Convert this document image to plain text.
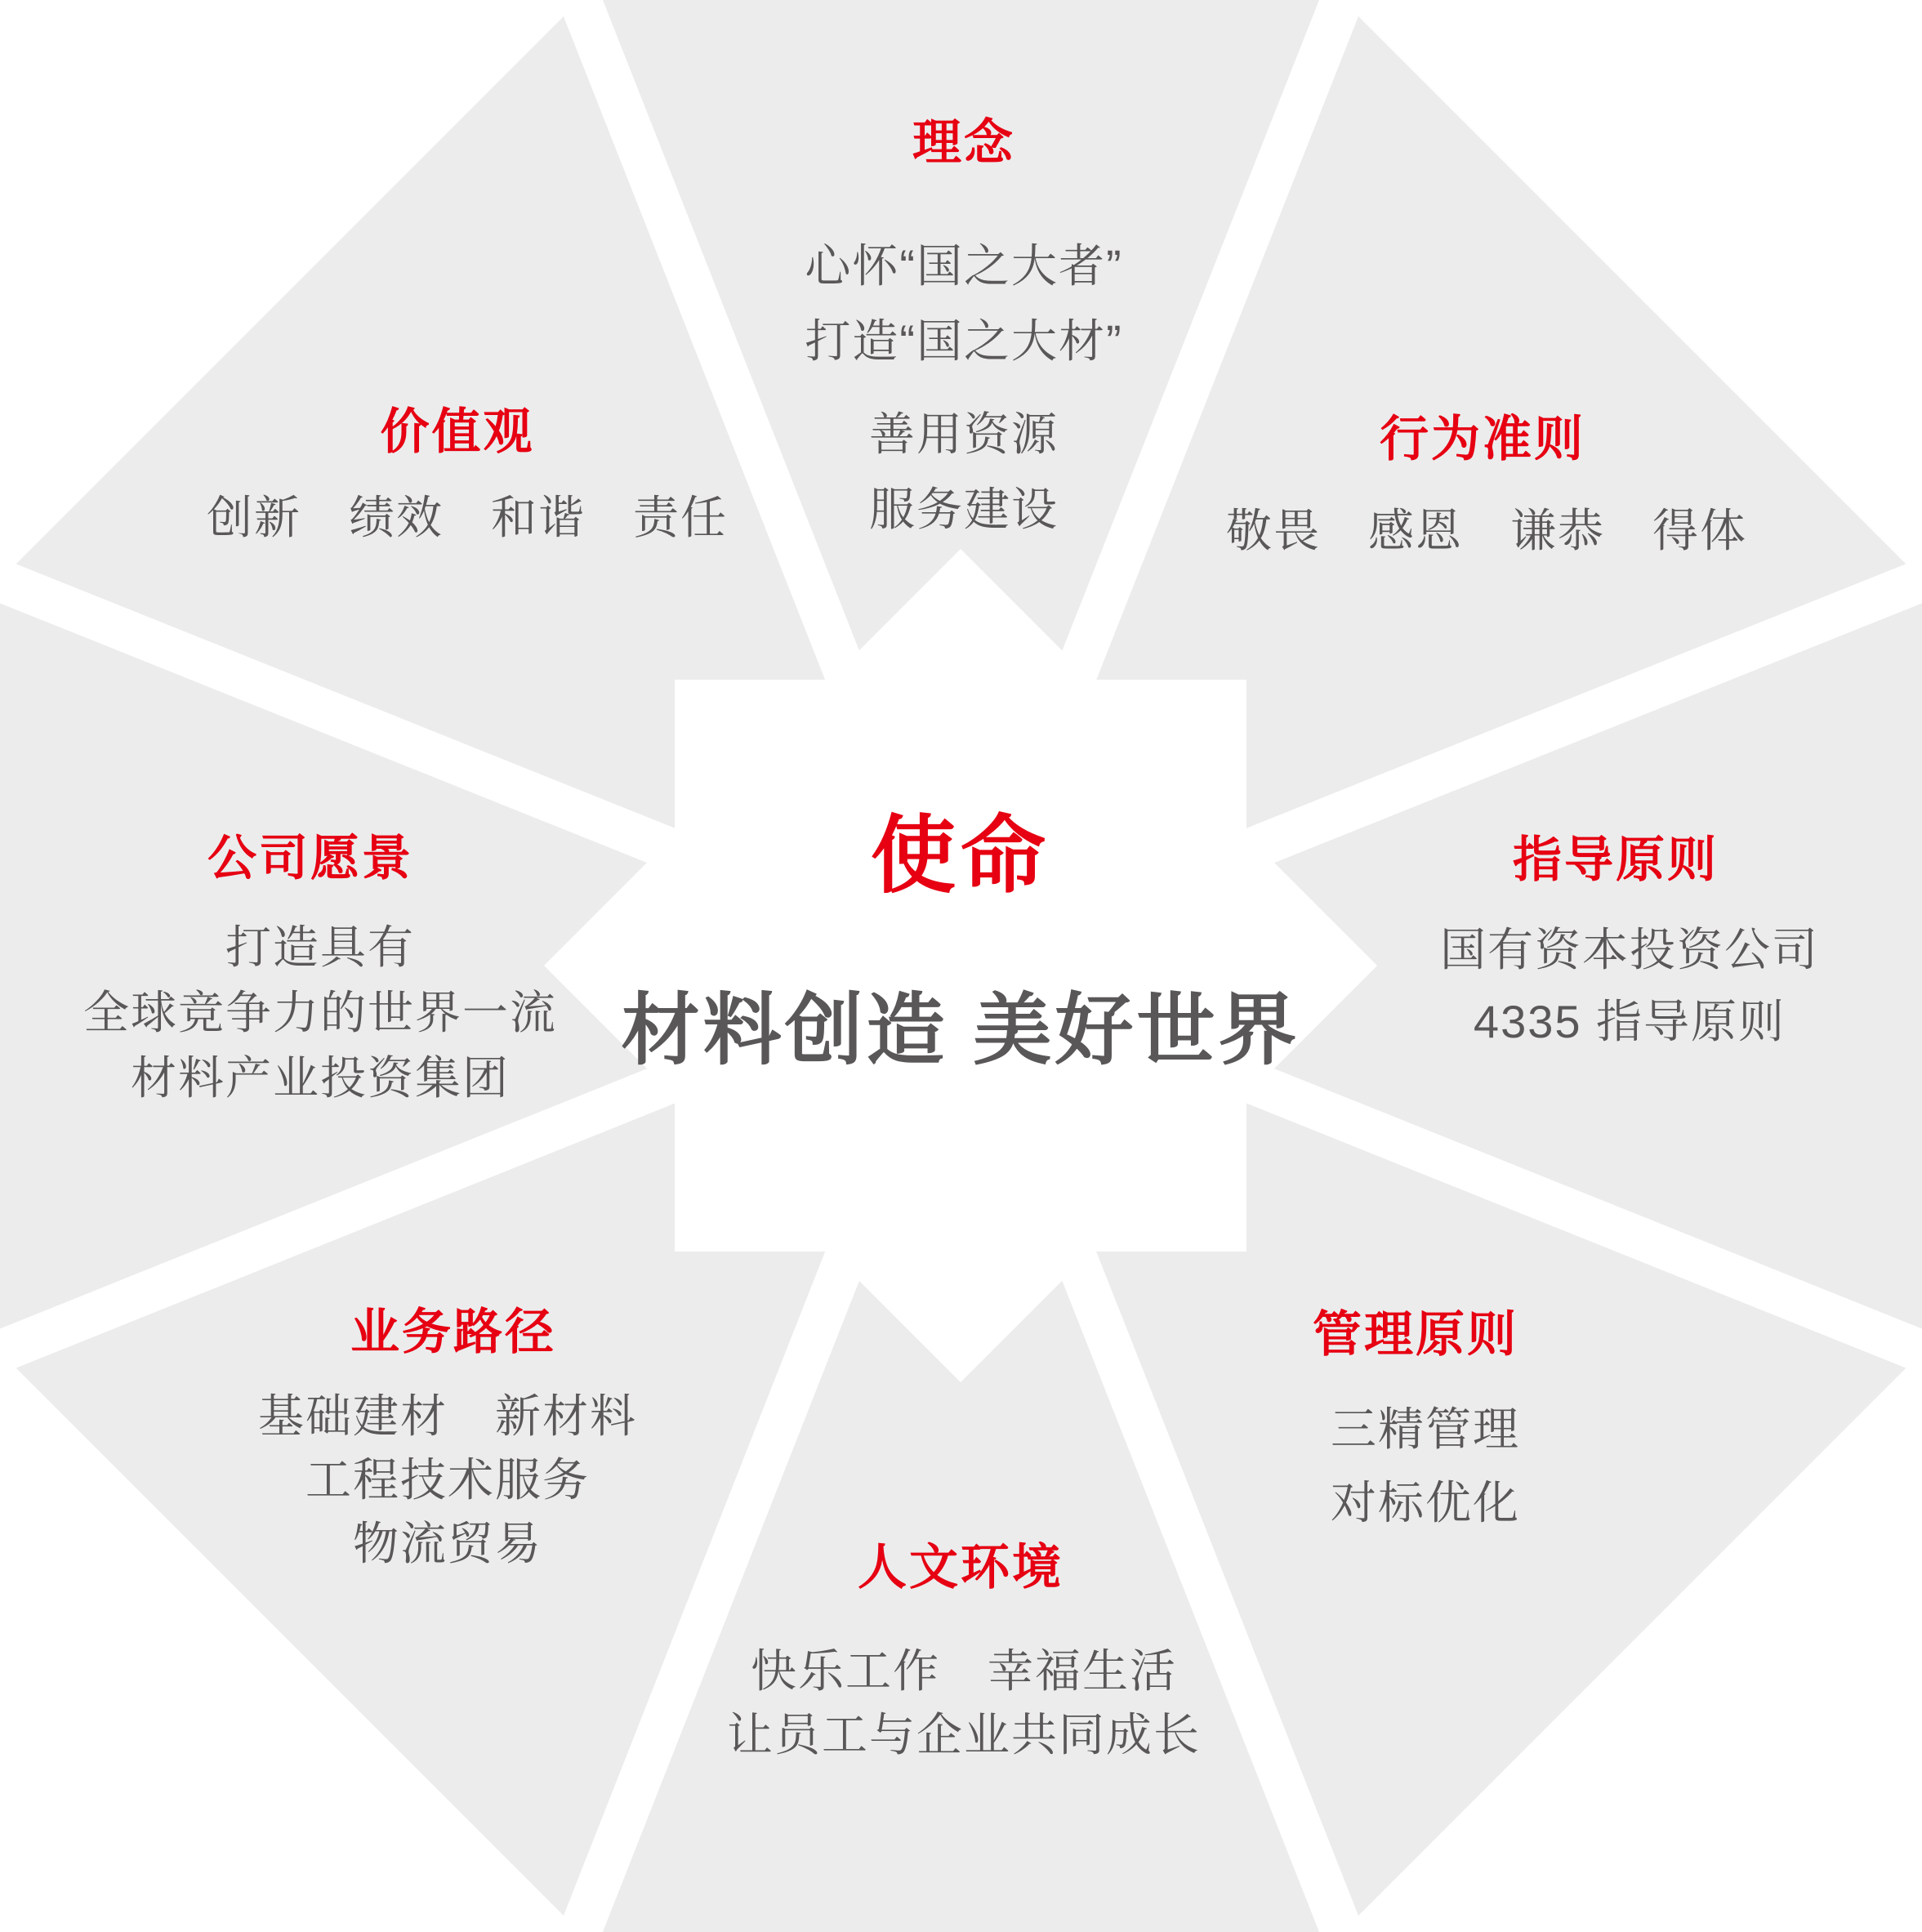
理念
心怀“国之大者”
打造“国之大材”
善用资源
服务建设
价值观
创新　绩效　和谐　责任
行为准则
敬畏　感恩　谦恭　得体
公司愿景
打造具有
全球竞争力的世界一流
材料产业投资集团
指导原则
国有资本投资公司
4335 指导原则
业务路径
基础建材　新材料
工程技术服务
物流贸易
管理原则
三精管理
对标优化
人文环境
快乐工作　幸福生活
让员工与企业共同成长
使命
材料创造 美好世界
